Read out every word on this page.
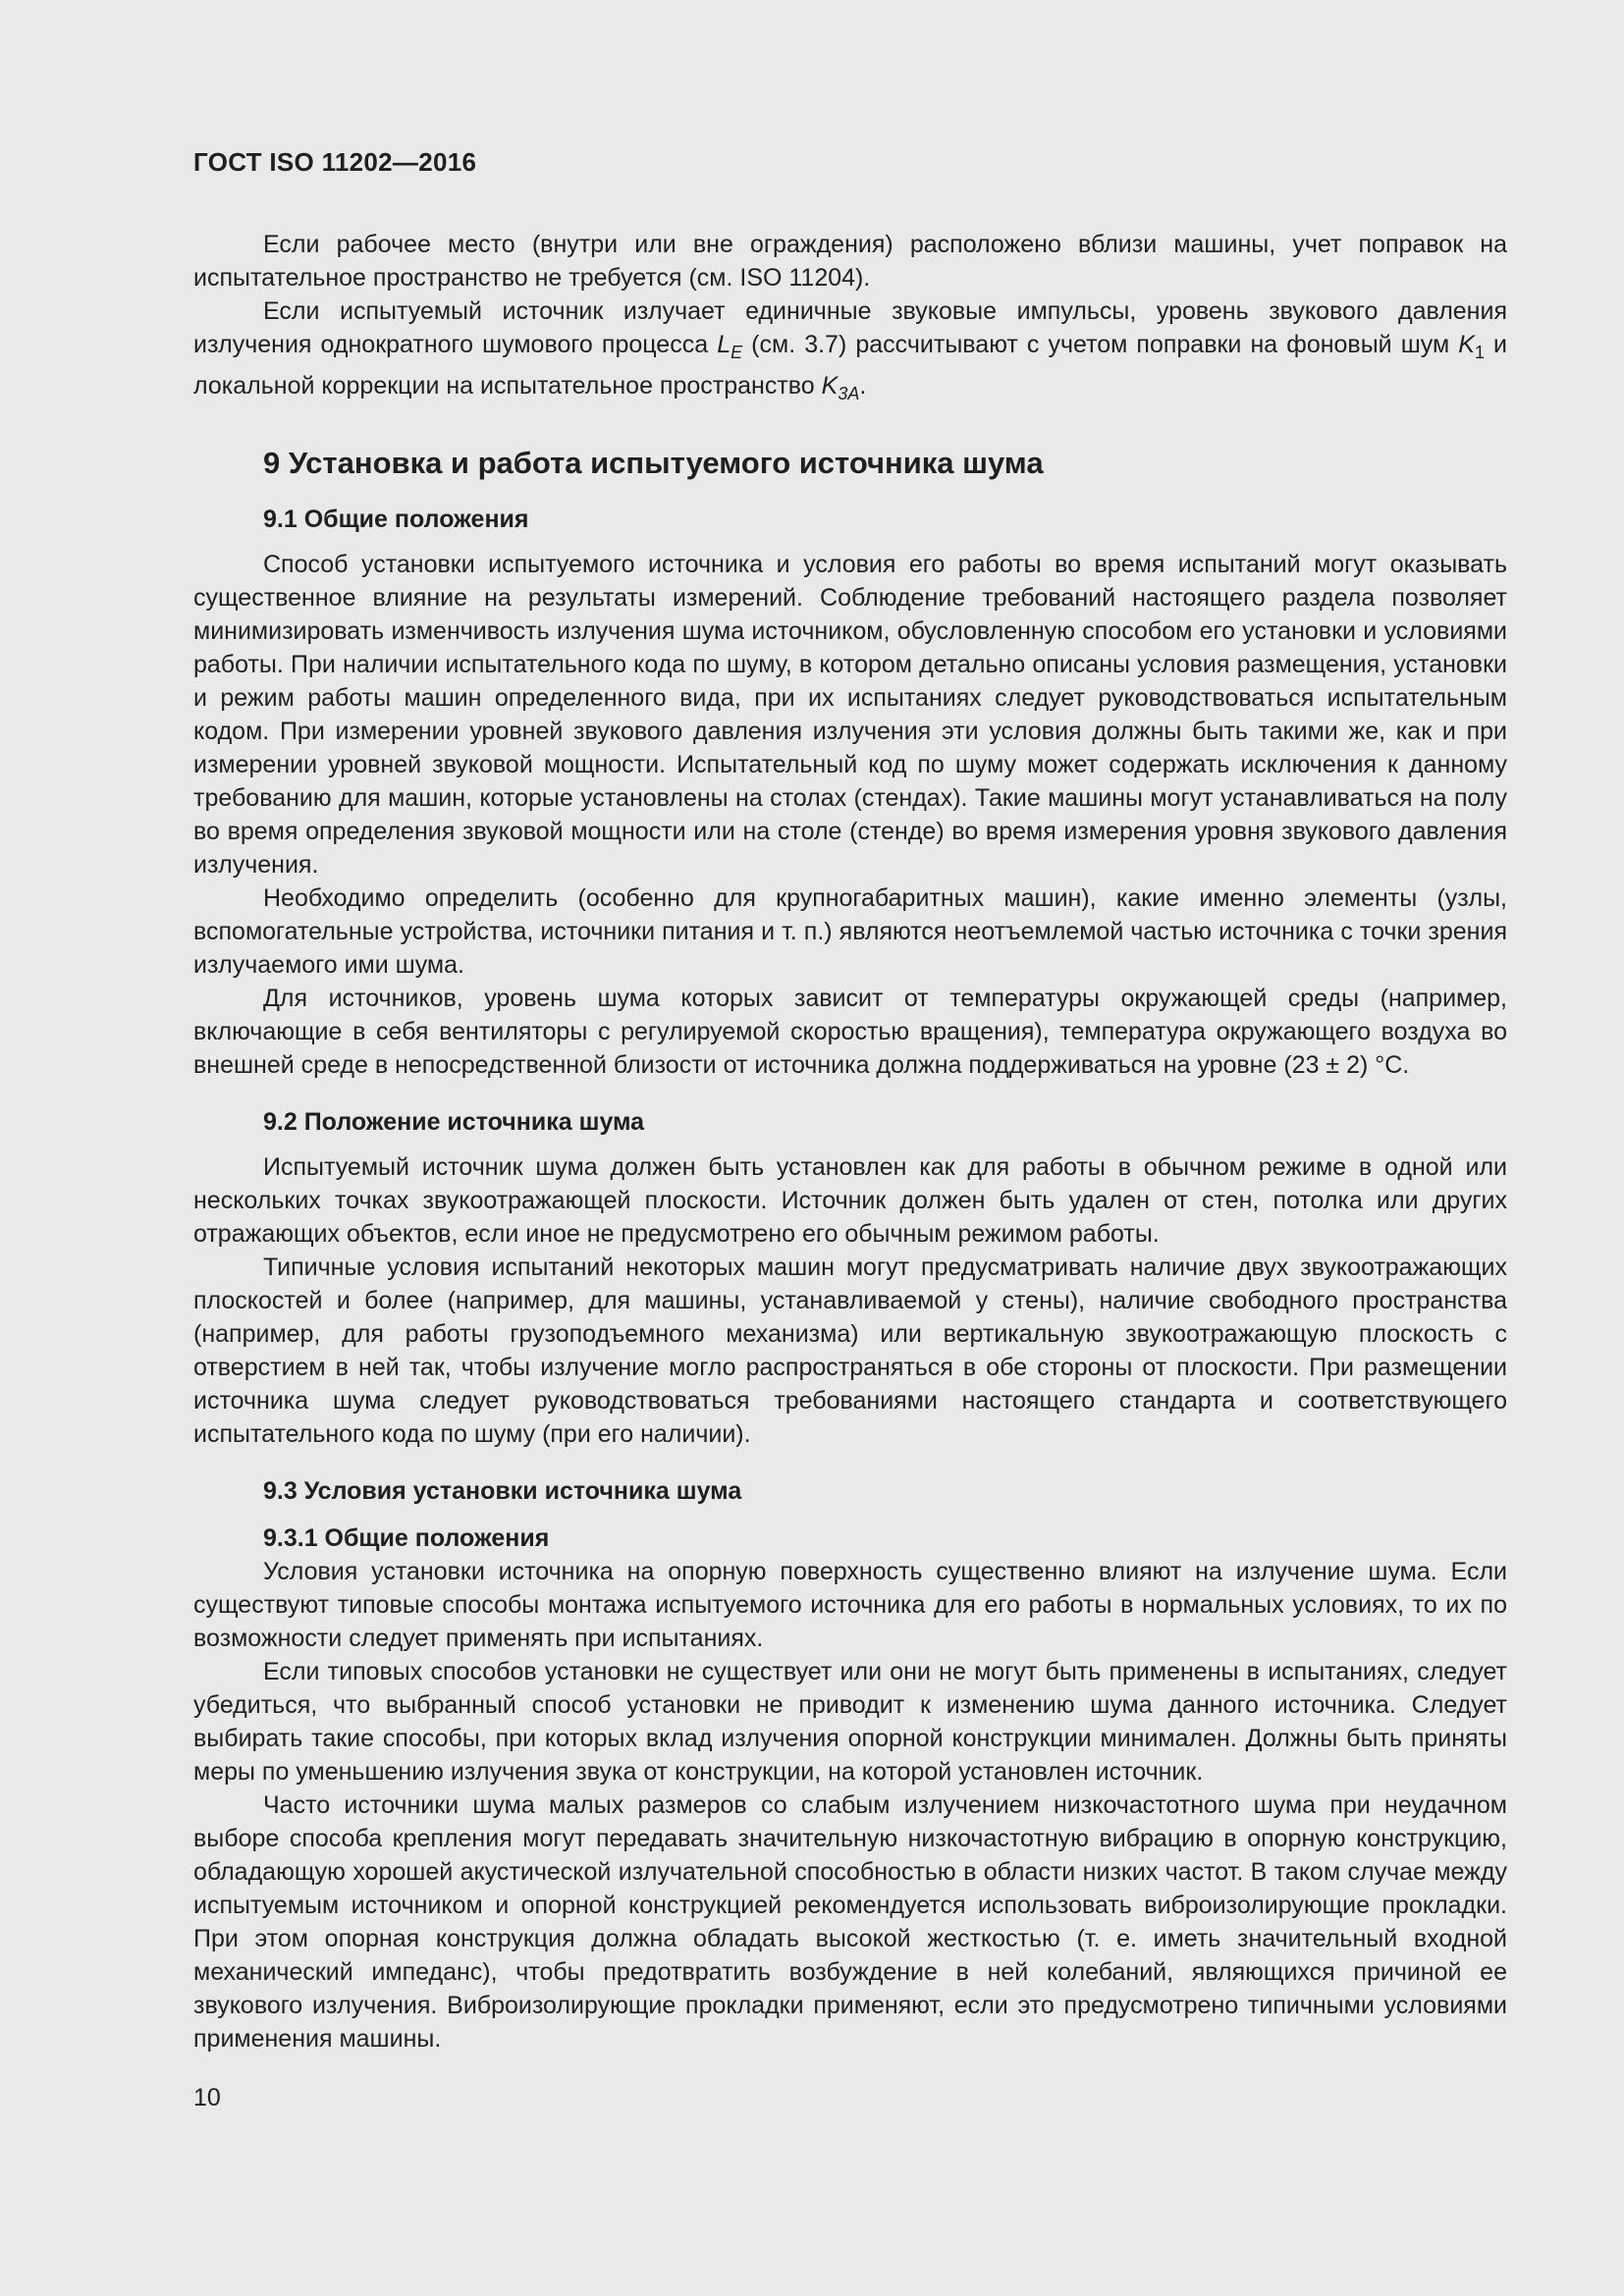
ГОСТ ISO 11202—2016

Если рабочее место (внутри или вне ограждения) расположено вблизи машины, учет поправок на испытательное пространство не требуется (см. ISO 11204).

Если испытуемый источник излучает единичные звуковые импульсы, уровень звукового давления излучения однократного шумового процесса $L_E$ (см. 3.7) рассчитывают с учетом поправки на фоновый шум $K_1$ и локальной коррекции на испытательное пространство $K_{3A}$.

9 Установка и работа испытуемого источника шума
9.1 Общие положения

Способ установки испытуемого источника и условия его работы во время испытаний могут оказывать существенное влияние на результаты измерений. Соблюдение требований настоящего раздела позволяет минимизировать изменчивость излучения шума источником, обусловленную способом его установки и условиями работы. При наличии испытательного кода по шуму, в котором детально описаны условия размещения, установки и режим работы машин определенного вида, при их испытаниях следует руководствоваться испытательным кодом. При измерении уровней звукового давления излучения эти условия должны быть такими же, как и при измерении уровней звуковой мощности. Испытательный код по шуму может содержать исключения к данному требованию для машин, которые установлены на столах (стендах). Такие машины могут устанавливаться на полу во время определения звуковой мощности или на столе (стенде) во время измерения уровня звукового давления излучения.

Необходимо определить (особенно для крупногабаритных машин), какие именно элементы (узлы, вспомогательные устройства, источники питания и т. п.) являются неотъемлемой частью источника с точки зрения излучаемого ими шума.

Для источников, уровень шума которых зависит от температуры окружающей среды (например, включающие в себя вентиляторы с регулируемой скоростью вращения), температура окружающего воздуха во внешней среде в непосредственной близости от источника должна поддерживаться на уровне (23 ± 2) °С.

9.2 Положение источника шума

Испытуемый источник шума должен быть установлен как для работы в обычном режиме в одной или нескольких точках звукоотражающей плоскости. Источник должен быть удален от стен, потолка или других отражающих объектов, если иное не предусмотрено его обычным режимом работы.

Типичные условия испытаний некоторых машин могут предусматривать наличие двух звукоотражающих плоскостей и более (например, для машины, устанавливаемой у стены), наличие свободного пространства (например, для работы грузоподъемного механизма) или вертикальную звукоотражающую плоскость с отверстием в ней так, чтобы излучение могло распространяться в обе стороны от плоскости. При размещении источника шума следует руководствоваться требованиями настоящего стандарта и соответствующего испытательного кода по шуму (при его наличии).

9.3 Условия установки источника шума
9.3.1 Общие положения

Условия установки источника на опорную поверхность существенно влияют на излучение шума. Если существуют типовые способы монтажа испытуемого источника для его работы в нормальных условиях, то их по возможности следует применять при испытаниях.

Если типовых способов установки не существует или они не могут быть применены в испытаниях, следует убедиться, что выбранный способ установки не приводит к изменению шума данного источника. Следует выбирать такие способы, при которых вклад излучения опорной конструкции минимален. Должны быть приняты меры по уменьшению излучения звука от конструкции, на которой установлен источник.

Часто источники шума малых размеров со слабым излучением низкочастотного шума при неудачном выборе способа крепления могут передавать значительную низкочастотную вибрацию в опорную конструкцию, обладающую хорошей акустической излучательной способностью в области низких частот. В таком случае между испытуемым источником и опорной конструкцией рекомендуется использовать виброизолирующие прокладки. При этом опорная конструкция должна обладать высокой жесткостью (т. е. иметь значительный входной механический импеданс), чтобы предотвратить возбуждение в ней колебаний, являющихся причиной ее звукового излучения. Виброизолирующие прокладки применяют, если это предусмотрено типичными условиями применения машины.

10
